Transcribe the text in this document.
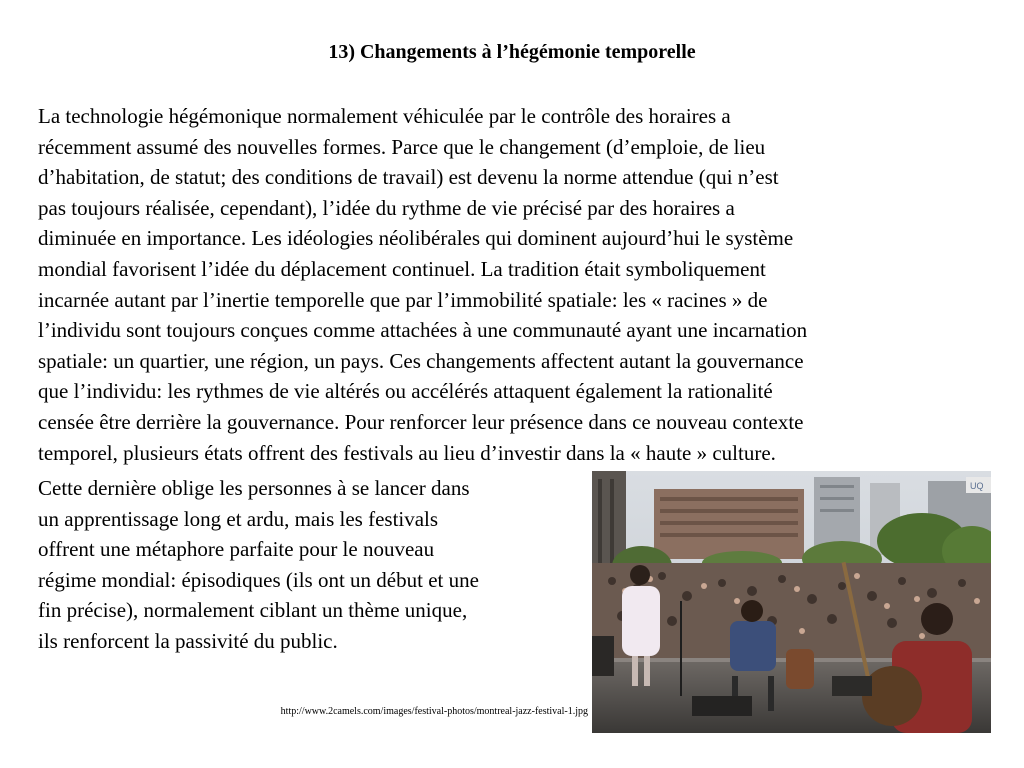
13) Changements à l’hégémonie temporelle
La technologie hégémonique normalement véhiculée par le contrôle des horaires a
récemment assumé des nouvelles formes. Parce que le changement (d’emploie, de lieu
d’habitation, de statut; des conditions de travail) est devenu la norme attendue (qui n’est
pas toujours réalisée, cependant), l’idée du rythme de vie précisé par des horaires a
diminuée en importance. Les idéologies néolibérales qui dominent aujourd’hui le système
mondial favorisent l’idée du déplacement continuel. La tradition était symboliquement
incarnée autant par l’inertie temporelle que par l’immobilité spatiale: les « racines » de
l’individu sont toujours conçues comme attachées à une communauté ayant une incarnation
spatiale: un quartier, une région, un pays. Ces changements affectent autant la gouvernance
que l’individu: les rythmes de vie altérés ou accélérés attaquent également la rationalité
censée être derrière la gouvernance. Pour renforcer leur présence dans ce nouveau contexte
temporel, plusieurs états offrent des festivals au lieu d’investir dans la « haute » culture.
Cette dernière oblige les personnes à se lancer dans
un apprentissage long et ardu, mais les festivals
offrent une métaphore parfaite pour le nouveau
régime mondial: épisodiques (ils ont un début et une
fin précise), normalement ciblant un thème unique,
ils renforcent la passivité du public.
UQ
http://www.2camels.com/images/festival-photos/montreal-jazz-festival-1.jpg
